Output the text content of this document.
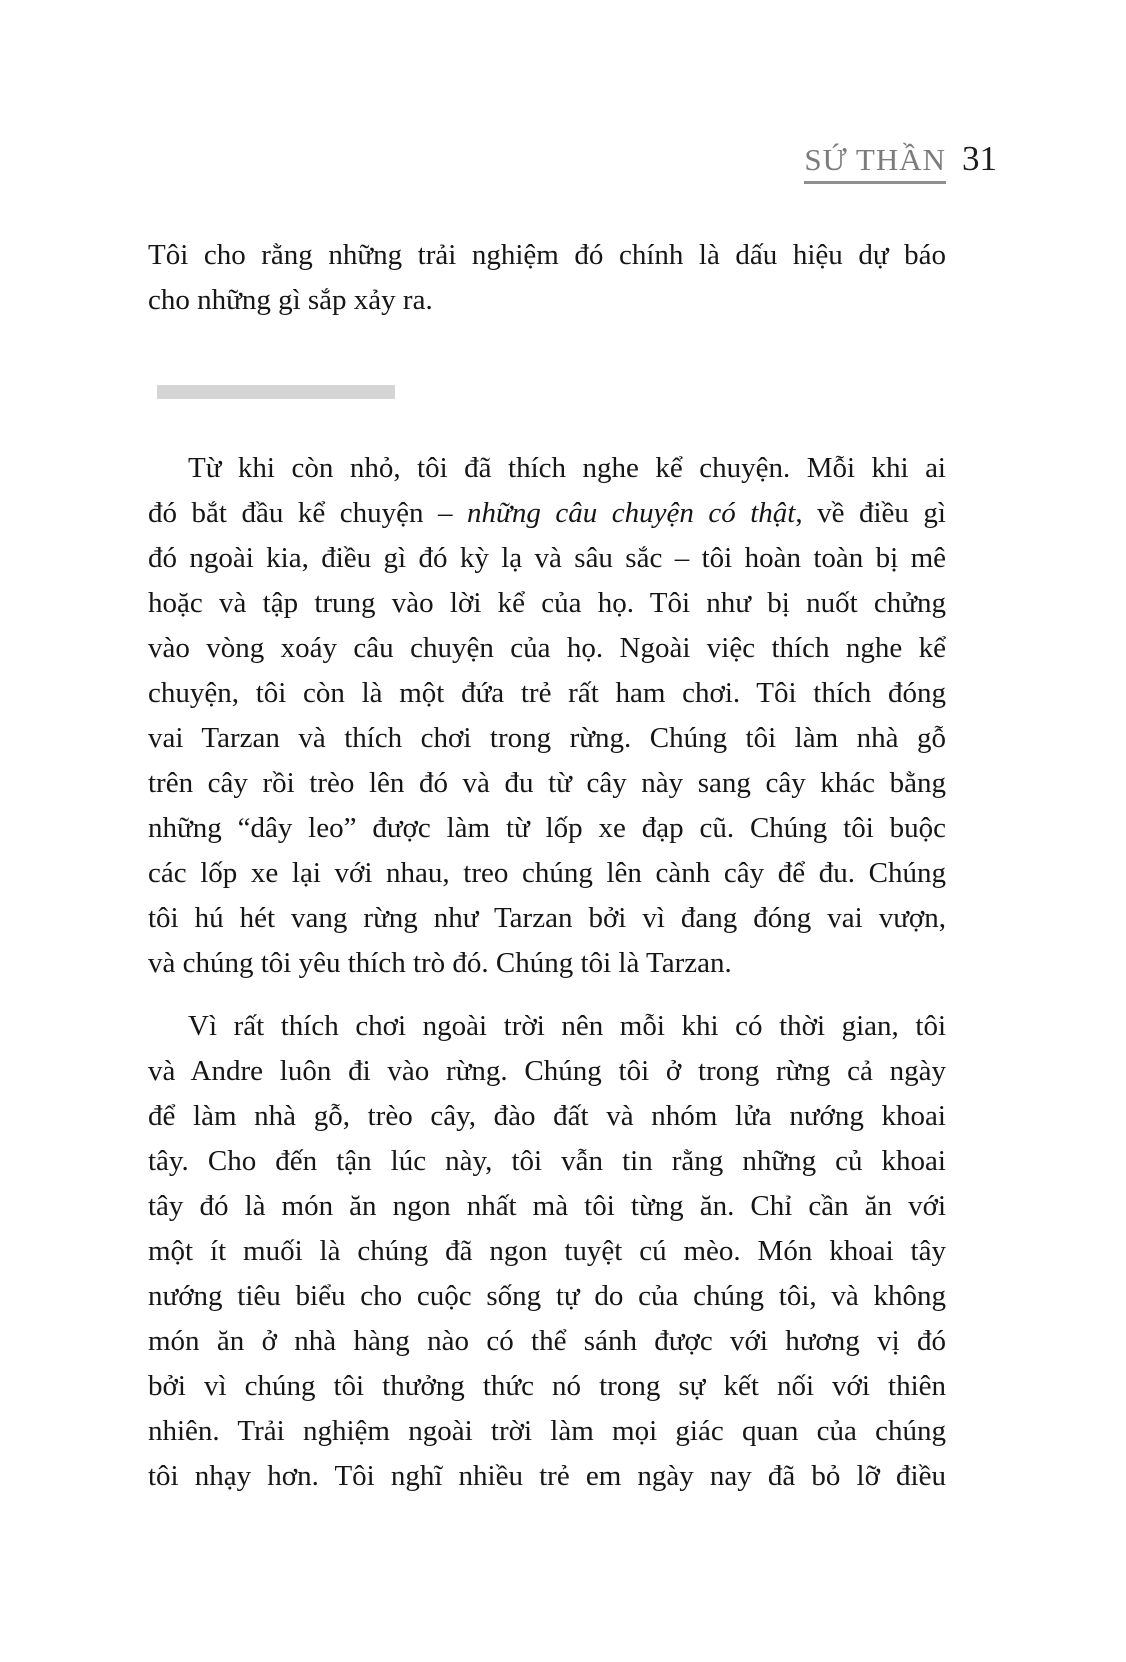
SỨ THẦN 31
Tôi cho rằng những trải nghiệm đó chính là dấu hiệu dự báo
cho những gì sắp xảy ra.
Từ khi còn nhỏ, tôi đã thích nghe kể chuyện. Mỗi khi ai
đó bắt đầu kể chuyện – những câu chuyện có thật, về điều gì
đó ngoài kia, điều gì đó kỳ lạ và sâu sắc – tôi hoàn toàn bị mê
hoặc và tập trung vào lời kể của họ. Tôi như bị nuốt chửng
vào vòng xoáy câu chuyện của họ. Ngoài việc thích nghe kể
chuyện, tôi còn là một đứa trẻ rất ham chơi. Tôi thích đóng
vai Tarzan và thích chơi trong rừng. Chúng tôi làm nhà gỗ
trên cây rồi trèo lên đó và đu từ cây này sang cây khác bằng
những “dây leo” được làm từ lốp xe đạp cũ. Chúng tôi buộc
các lốp xe lại với nhau, treo chúng lên cành cây để đu. Chúng
tôi hú hét vang rừng như Tarzan bởi vì đang đóng vai vượn,
và chúng tôi yêu thích trò đó. Chúng tôi là Tarzan.
Vì rất thích chơi ngoài trời nên mỗi khi có thời gian, tôi
và Andre luôn đi vào rừng. Chúng tôi ở trong rừng cả ngày
để làm nhà gỗ, trèo cây, đào đất và nhóm lửa nướng khoai
tây. Cho đến tận lúc này, tôi vẫn tin rằng những củ khoai
tây đó là món ăn ngon nhất mà tôi từng ăn. Chỉ cần ăn với
một ít muối là chúng đã ngon tuyệt cú mèo. Món khoai tây
nướng tiêu biểu cho cuộc sống tự do của chúng tôi, và không
món ăn ở nhà hàng nào có thể sánh được với hương vị đó
bởi vì chúng tôi thưởng thức nó trong sự kết nối với thiên
nhiên. Trải nghiệm ngoài trời làm mọi giác quan của chúng
tôi nhạy hơn. Tôi nghĩ nhiều trẻ em ngày nay đã bỏ lỡ điều
